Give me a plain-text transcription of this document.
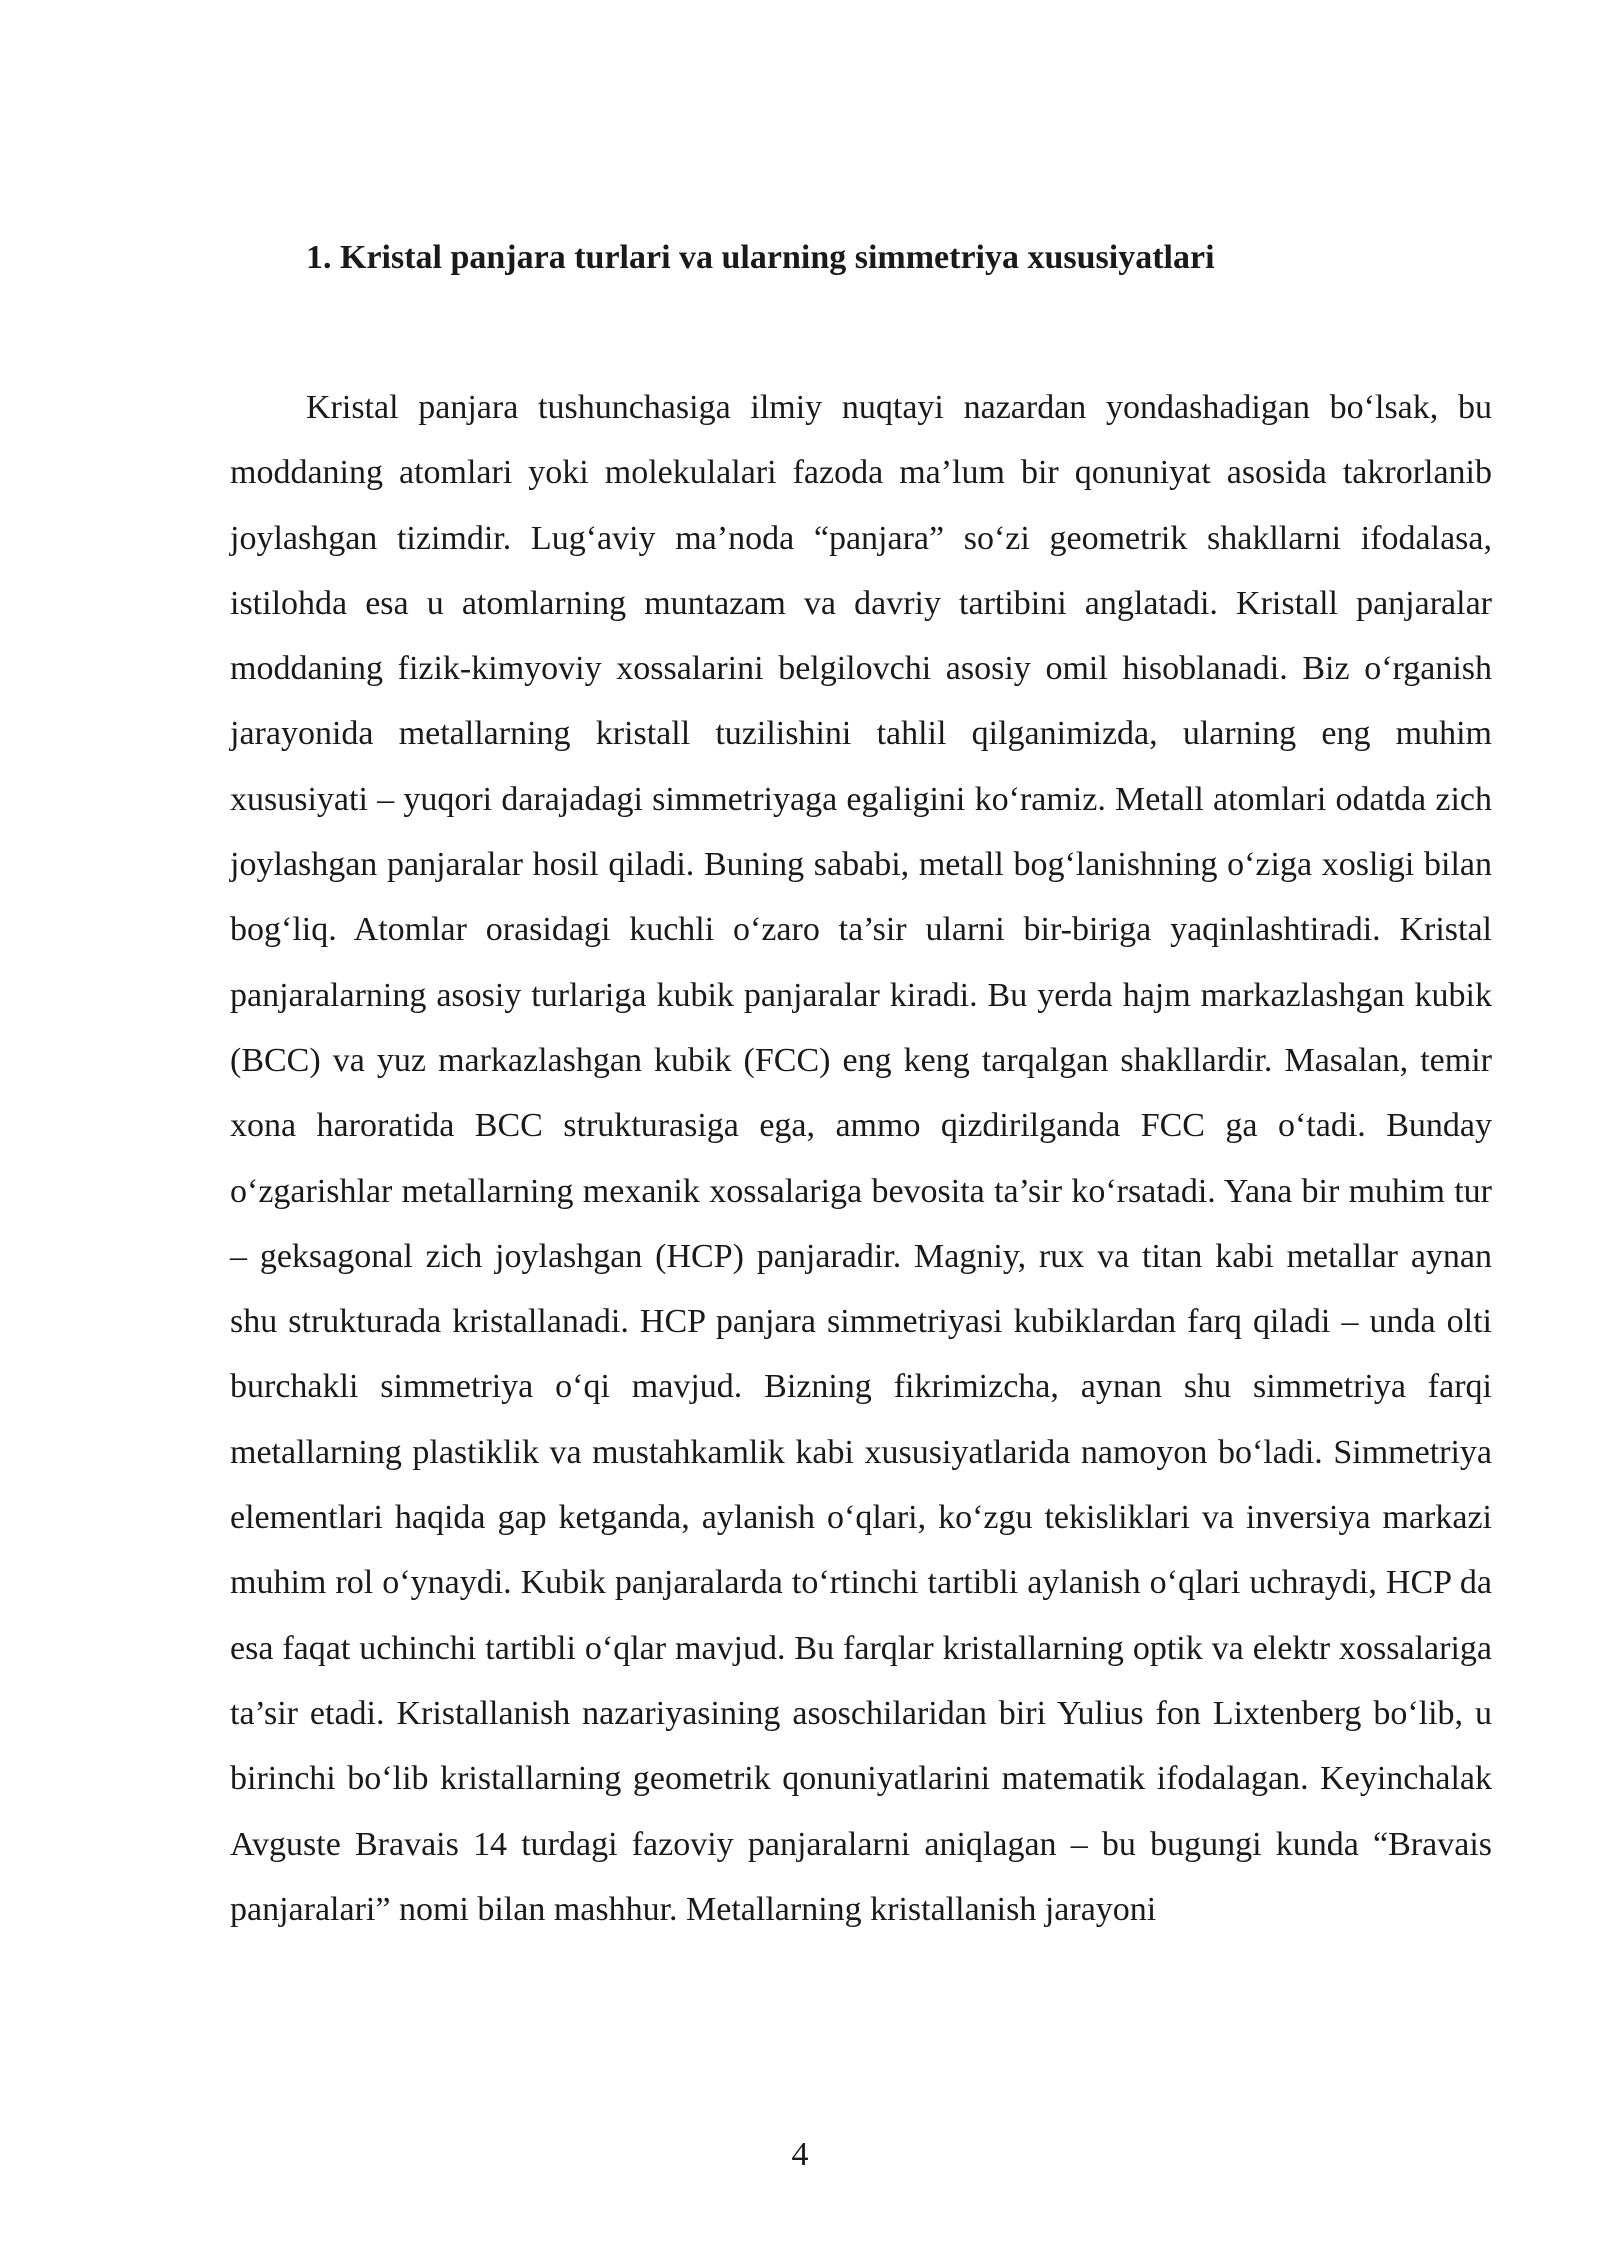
1. Kristal panjara turlari va ularning simmetriya xususiyatlari

Kristal panjara tushunchasiga ilmiy nuqtayi nazardan yondashadigan bo‘lsak, bu moddaning atomlari yoki molekulalari fazoda ma’lum bir qonuniyat asosida takrorlanib joylashgan tizimdir. Lug‘aviy ma’noda “panjara” so‘zi geometrik shakllarni ifodalasa, istilohda esa u atomlarning muntazam va davriy tartibini anglatadi. Kristall panjaralar moddaning fizik-kimyoviy xossalarini belgilovchi asosiy omil hisoblanadi. Biz o‘rganish jarayonida metallarning kristall tuzilishini tahlil qilganimizda, ularning eng muhim xususiyati – yuqori darajadagi simmetriyaga egaligini ko‘ramiz. Metall atomlari odatda zich joylashgan panjaralar hosil qiladi. Buning sababi, metall bog‘lanishning o‘ziga xosligi bilan bog‘liq. Atomlar orasidagi kuchli o‘zaro ta’sir ularni bir-biriga yaqinlashtiradi. Kristal panjaralarning asosiy turlariga kubik panjaralar kiradi. Bu yerda hajm markazlashgan kubik (BCC) va yuz markazlashgan kubik (FCC) eng keng tarqalgan shakllardir. Masalan, temir xona haroratida BCC strukturasiga ega, ammo qizdirilganda FCC ga o‘tadi. Bunday o‘zgarishlar metallarning mexanik xossalariga bevosita ta’sir ko‘rsatadi. Yana bir muhim tur – geksagonal zich joylashgan (HCP) panjaradir. Magniy, rux va titan kabi metallar aynan shu strukturada kristallanadi. HCP panjara simmetriyasi kubiklardan farq qiladi – unda olti burchakli simmetriya o‘qi mavjud. Bizning fikrimizcha, aynan shu simmetriya farqi metallarning plastiklik va mustahkamlik kabi xususiyatlarida namoyon bo‘ladi. Simmetriya elementlari haqida gap ketganda, aylanish o‘qlari, ko‘zgu tekisliklari va inversiya markazi muhim rol o‘ynaydi. Kubik panjaralarda to‘rtinchi tartibli aylanish o‘qlari uchraydi, HCP da esa faqat uchinchi tartibli o‘qlar mavjud. Bu farqlar kristallarning optik va elektr xossalariga ta’sir etadi. Kristallanish nazariyasining asoschilaridan biri Yulius fon Lixtenberg bo‘lib, u birinchi bo‘lib kristallarning geometrik qonuniyatlarini matematik ifodalagan. Keyinchalak Avguste Bravais 14 turdagi fazoviy panjaralarni aniqlagan – bu bugungi kunda “Bravais panjaralari” nomi bilan mashhur. Metallarning kristallanish jarayoni

4
